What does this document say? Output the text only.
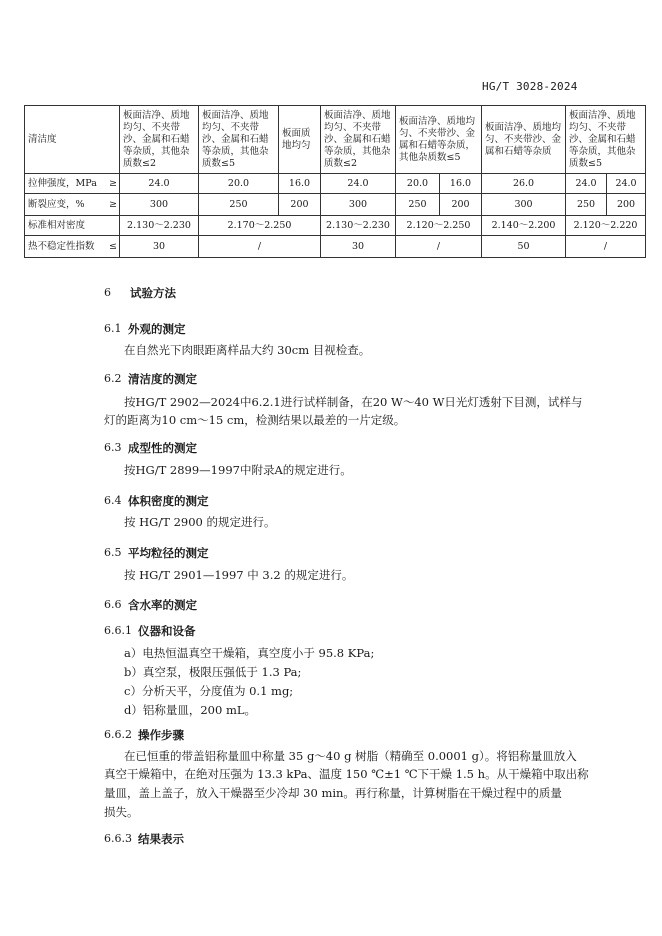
HG/T 3028-2024
清洁度	板面洁净、质地均匀、不夹带沙、金属和石蜡等杂质，其他杂质数≤2	板面洁净、质地均匀、不夹带沙、金属和石蜡等杂质，其他杂质数≤5	板面质地均匀	板面洁净、质地均匀、不夹带沙、金属和石蜡等杂质，其他杂质数≤2	板面洁净、质地均匀、不夹带沙、金属和石蜡等杂质，其他杂质数≤5		板面洁净、质地均匀、不夹带沙、金属和石蜡等杂质	板面洁净、质地均匀、不夹带沙、金属和石蜡等杂质，其他杂质数≤5	

拉伸强度，MPa ≥	24.0	20.0	16.0	24.0	20.0	16.0	26.0	24.0	24.0

断裂应变，% ≥	300	250	200	300	250	200	300	250	200
标准相对密度	2.130～2.230	2.170～2.250		2.130～2.230	2.120～2.250		2.140～2.200	2.120～2.220	

热不稳定性指数 ≤	30	/		30	/		50	/	
6 试验方法
6.1 外观的测定
在自然光下肉眼距离样品大约 30cm 目视检查。
6.2 清洁度的测定
按HG/T 2902—2024中6.2.1进行试样制备，在20 W～40 W日光灯透射下目测，试样与
灯的距离为10 cm～15 cm，检测结果以最差的一片定级。
6.3 成型性的测定
按HG/T 2899—1997中附录A的规定进行。
6.4 体积密度的测定
按 HG/T 2900 的规定进行。
6.5 平均粒径的测定
按 HG/T 2901—1997 中 3.2 的规定进行。
6.6 含水率的测定
6.6.1 仪器和设备
a）电热恒温真空干燥箱，真空度小于 95.8 KPa;
b）真空泵，极限压强低于 1.3 Pa;
c）分析天平，分度值为 0.1 mg;
d）铝称量皿，200 mL。
6.6.2 操作步骤
在已恒重的带盖铝称量皿中称量 35 g～40 g 树脂（精确至 0.0001 g）。将铝称量皿放入
真空干燥箱中，在绝对压强为 13.3 kPa、温度 150 ℃±1 ℃下干燥 1.5 h。从干燥箱中取出称
量皿，盖上盖子，放入干燥器至少冷却 30 min。再行称量，计算树脂在干燥过程中的质量
损失。
6.6.3 结果表示
